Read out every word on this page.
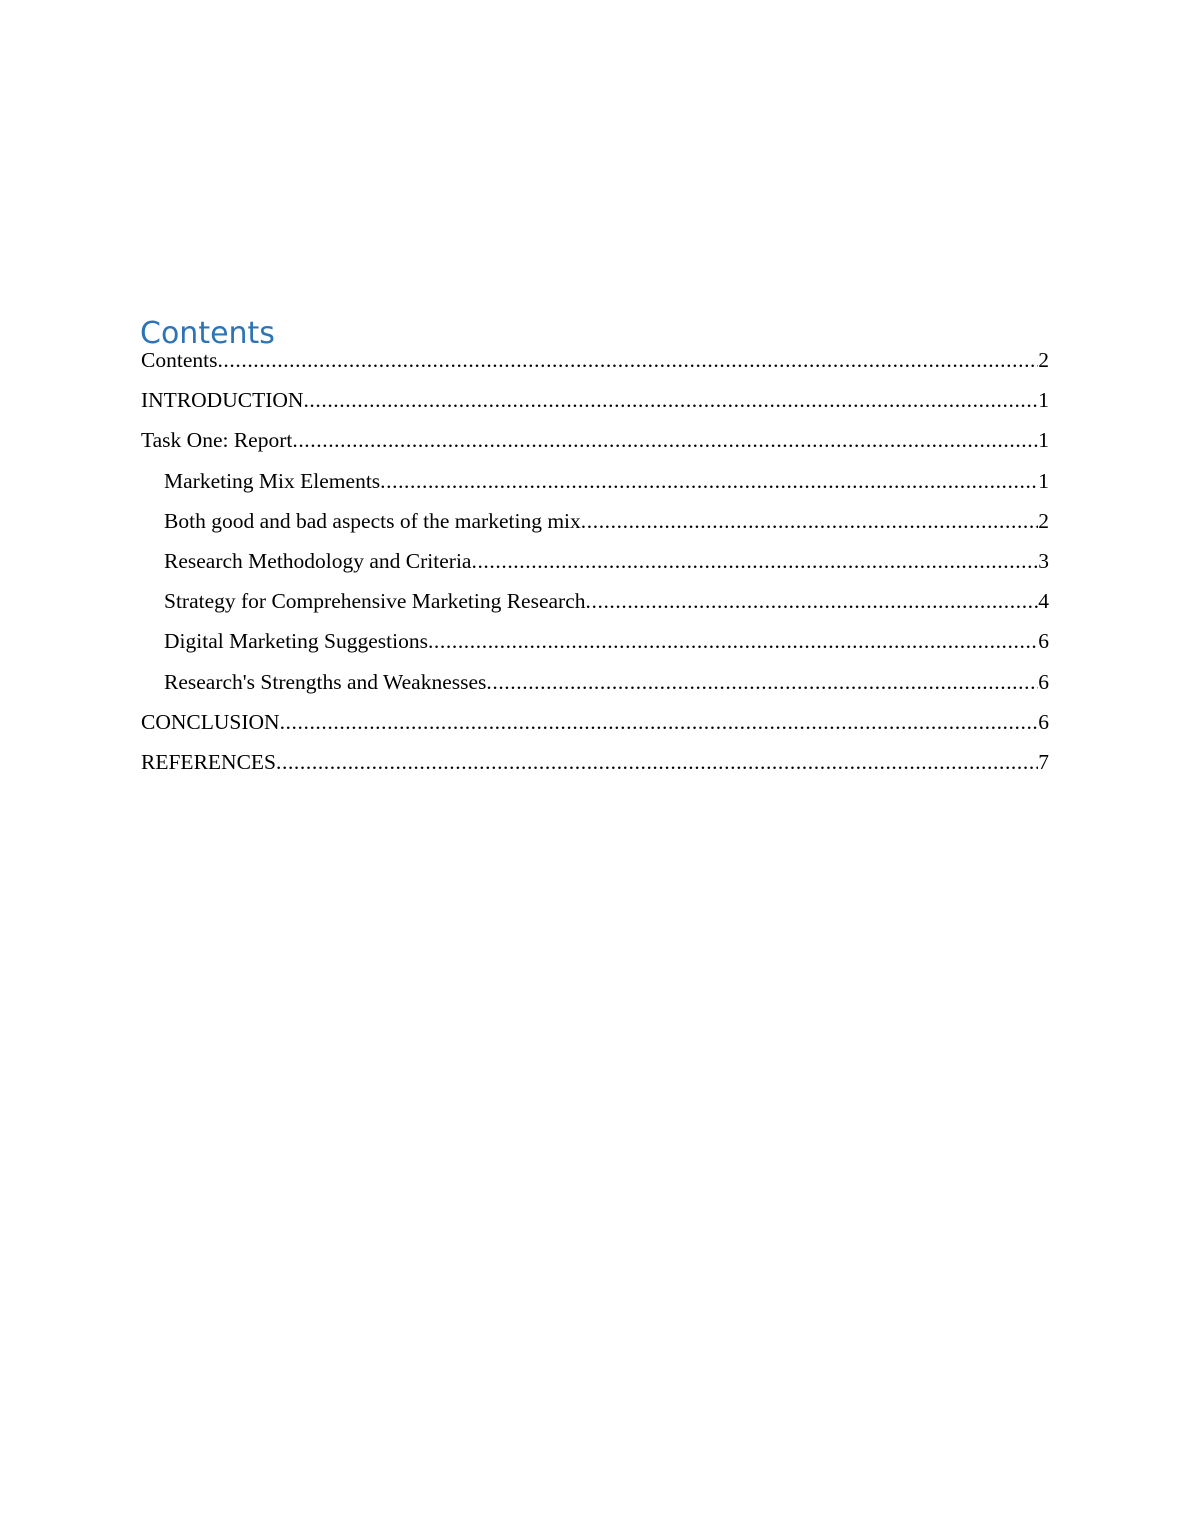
Contents
Contents .....	2
INTRODUCTION .....	1
Task One: Report .....	1
Marketing Mix Elements .....	1
Both good and bad aspects of the marketing mix .....	2
Research Methodology and Criteria .....	3
Strategy for Comprehensive Marketing Research .....	4
Digital Marketing Suggestions .....	6
Research's Strengths and Weaknesses .....	6
CONCLUSION .....	6
REFERENCES .....	7
